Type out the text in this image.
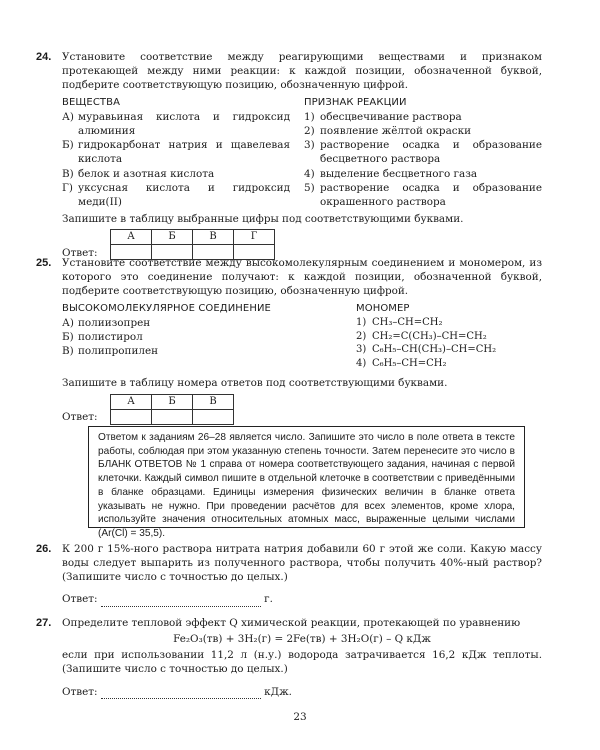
24. Установите соответствие между реагирующими веществами и признаком протекающей между ними реакции: к каждой позиции, обозначенной буквой, подберите соответствующую позицию, обозначенную цифрой.
ВЕЩЕСТВА
А) муравьиная кислота и гидроксид алюминия
Б) гидрокарбонат натрия и щавелевая кислота
В) белок и азотная кислота
Г) уксусная кислота и гидроксид меди(II)
ПРИЗНАК РЕАКЦИИ
1) обесцвечивание раствора
2) появление жёлтой окраски
3) растворение осадка и образование бесцветного раствора
4) выделение бесцветного газа
5) растворение осадка и образование окрашенного раствора
Запишите в таблицу выбранные цифры под соответствующими буквами.
Ответ:
А	Б	В	Г

25. Установите соответствие между высокомолекулярным соединением и мономером, из которого это соединение получают: к каждой позиции, обозначенной буквой, подберите соответствующую позицию, обозначенную цифрой.
ВЫСОКОМОЛЕКУЛЯРНОЕ СОЕДИНЕНИЕ
А) полиизопрен
Б) полистирол
В) полипропилен
МОНОМЕР
1) CH₃–CH=CH₂
2) CH₂=C(CH₃)–CH=CH₂
3) C₆H₅–CH(CH₃)–CH=CH₂
4) C₆H₅–CH=CH₂
Запишите в таблицу номера ответов под соответствующими буквами.
Ответ:
А	Б	В

Ответом к заданиям 26–28 является число. Запишите это число в поле ответа в тексте работы, соблюдая при этом указанную степень точности. Затем перенесите это число в БЛАНК ОТВЕТОВ № 1 справа от номера соответствующего задания, начиная с первой клеточки. Каждый символ пишите в отдельной клеточке в соответствии с приведёнными в бланке образцами. Единицы измерения физических величин в бланке ответа указывать не нужно. При проведении расчётов для всех элементов, кроме хлора, используйте значения относительных атомных масс, выраженные целыми числами (Ar(Cl) = 35,5).
26. К 200 г 15%-ного раствора нитрата натрия добавили 60 г этой же соли. Какую массу воды следует выпарить из полученного раствора, чтобы получить 40%-ный раствор? (Запишите число с точностью до целых.)
Ответ:	г.
27. Определите тепловой эффект Q химической реакции, протекающей по уравнению
Fe₂O₃(тв) + 3H₂(г) = 2Fe(тв) + 3H₂O(г) – Q кДж
если при использовании 11,2 л (н.у.) водорода затрачивается 16,2 кДж теплоты. (Запишите число с точностью до целых.)
Ответ:	кДж.
23
